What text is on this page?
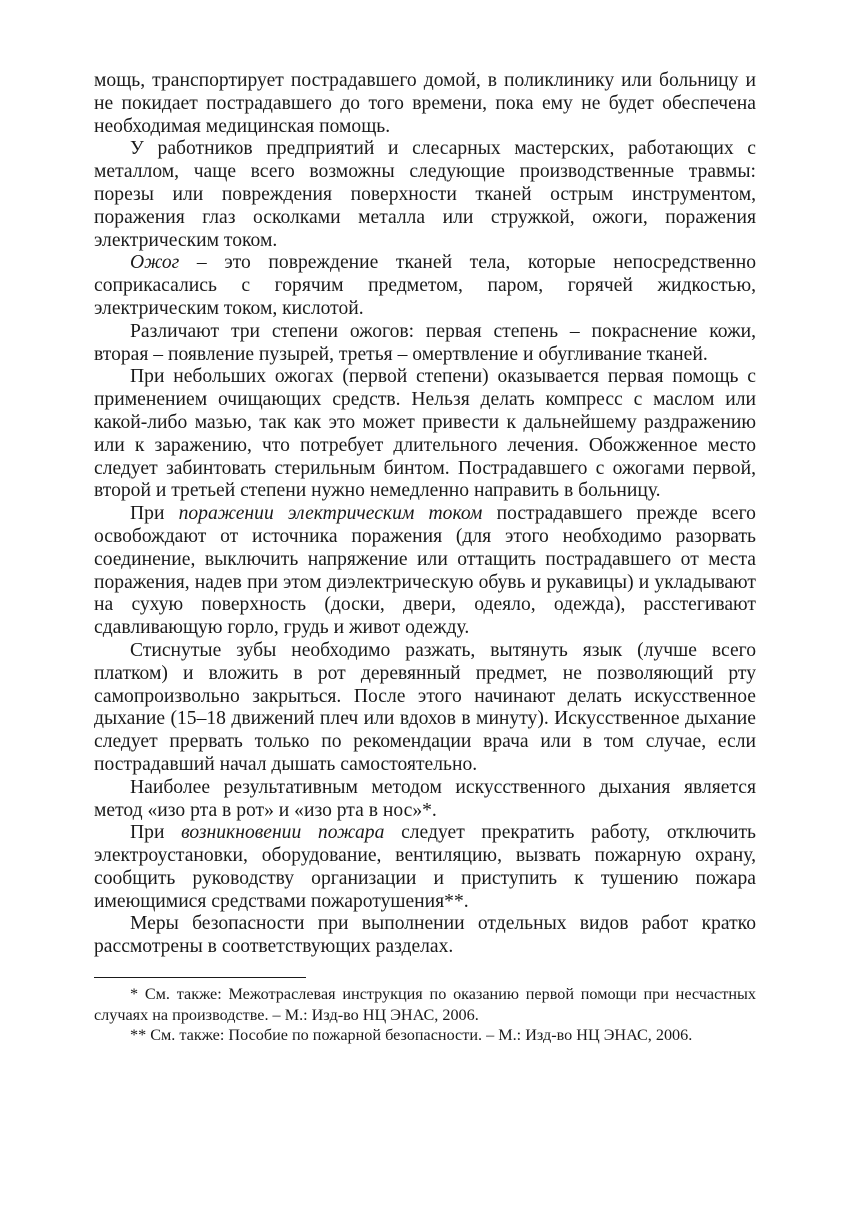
мощь, транспортирует пострадавшего домой, в поликлинику или больницу и не покидает пострадавшего до того времени, пока ему не будет обеспечена необходимая медицинская помощь.

У работников предприятий и слесарных мастерских, работающих с металлом, чаще всего возможны следующие производственные травмы: порезы или повреждения поверхности тканей острым инструментом, поражения глаз осколками металла или стружкой, ожоги, поражения электрическим током.

Ожог – это повреждение тканей тела, которые непосредственно соприкасались с горячим предметом, паром, горячей жидкостью, электрическим током, кислотой.

Различают три степени ожогов: первая степень – покраснение кожи, вторая – появление пузырей, третья – омертвление и обугливание тканей.

При небольших ожогах (первой степени) оказывается первая помощь с применением очищающих средств. Нельзя делать компресс с маслом или какой-либо мазью, так как это может привести к дальнейшему раздражению или к заражению, что потребует длительного лечения. Обожженное место следует забинтовать стерильным бинтом. Пострадавшего с ожогами первой, второй и третьей степени нужно немедленно направить в больницу.

При поражении электрическим током пострадавшего прежде всего освобождают от источника поражения (для этого необходимо разорвать соединение, выключить напряжение или оттащить пострадавшего от места поражения, надев при этом диэлектрическую обувь и рукавицы) и укладывают на сухую поверхность (доски, двери, одеяло, одежда), расстегивают сдавливающую горло, грудь и живот одежду.

Стиснутые зубы необходимо разжать, вытянуть язык (лучше всего платком) и вложить в рот деревянный предмет, не позволяющий рту самопроизвольно закрыться. После этого начинают делать искусственное дыхание (15–18 движений плеч или вдохов в минуту). Искусственное дыхание следует прервать только по рекомендации врача или в том случае, если пострадавший начал дышать самостоятельно.

Наиболее результативным методом искусственного дыхания является метод «изо рта в рот» и «изо рта в нос»*.

При возникновении пожара следует прекратить работу, отключить электроустановки, оборудование, вентиляцию, вызвать пожарную охрану, сообщить руководству организации и приступить к тушению пожара имеющимися средствами пожаротушения**.

Меры безопасности при выполнении отдельных видов работ кратко рассмотрены в соответствующих разделах.

* См. также: Межотраслевая инструкция по оказанию первой помощи при несчастных случаях на производстве. – М.: Изд-во НЦ ЭНАС, 2006.

** См. также: Пособие по пожарной безопасности. – М.: Изд-во НЦ ЭНАС, 2006.
